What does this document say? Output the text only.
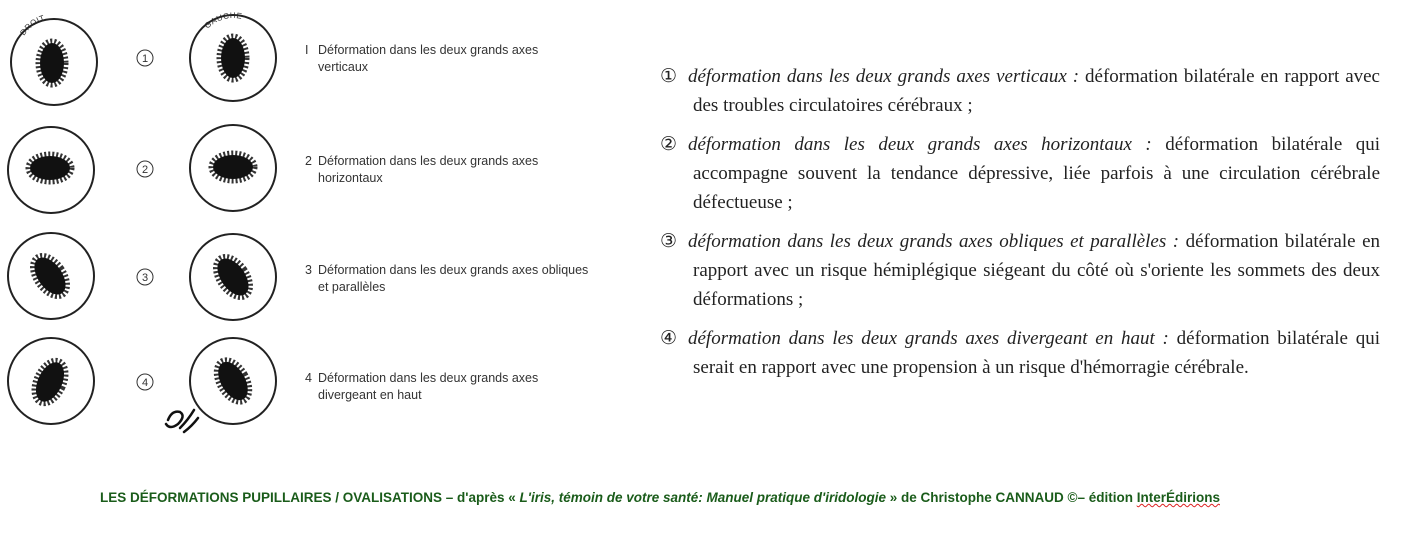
DROIT
GAUCHE
1
2
3
4
I Déformation dans les deux grands axes
verticaux
2 Déformation dans les deux grands axes
horizontaux
3 Déformation dans les deux grands axes obliques
et parallèles
4 Déformation dans les deux grands axes
divergeant en haut
① déformation dans les deux grands axes verticaux : déformation bilatérale en rapport avec des troubles circulatoires cérébraux ;
② déformation dans les deux grands axes horizontaux : déformation bilatérale qui accompagne souvent la tendance dépressive, liée parfois à une circulation cérébrale défectueuse ;
③ déformation dans les deux grands axes obliques et parallèles : déformation bilatérale en rapport avec un risque hémiplégique siégeant du côté où s'oriente les sommets des deux déformations ;
④ déformation dans les deux grands axes divergeant en haut : déformation bilatérale qui serait en rapport avec une propension à un risque d'hémorragie cérébrale.
LES DÉFORMATIONS PUPILLAIRES / OVALISATIONS – d'après « L'iris, témoin de votre santé: Manuel pratique d'iridologie » de Christophe CANNAUD ©– édition InterÉdirions
